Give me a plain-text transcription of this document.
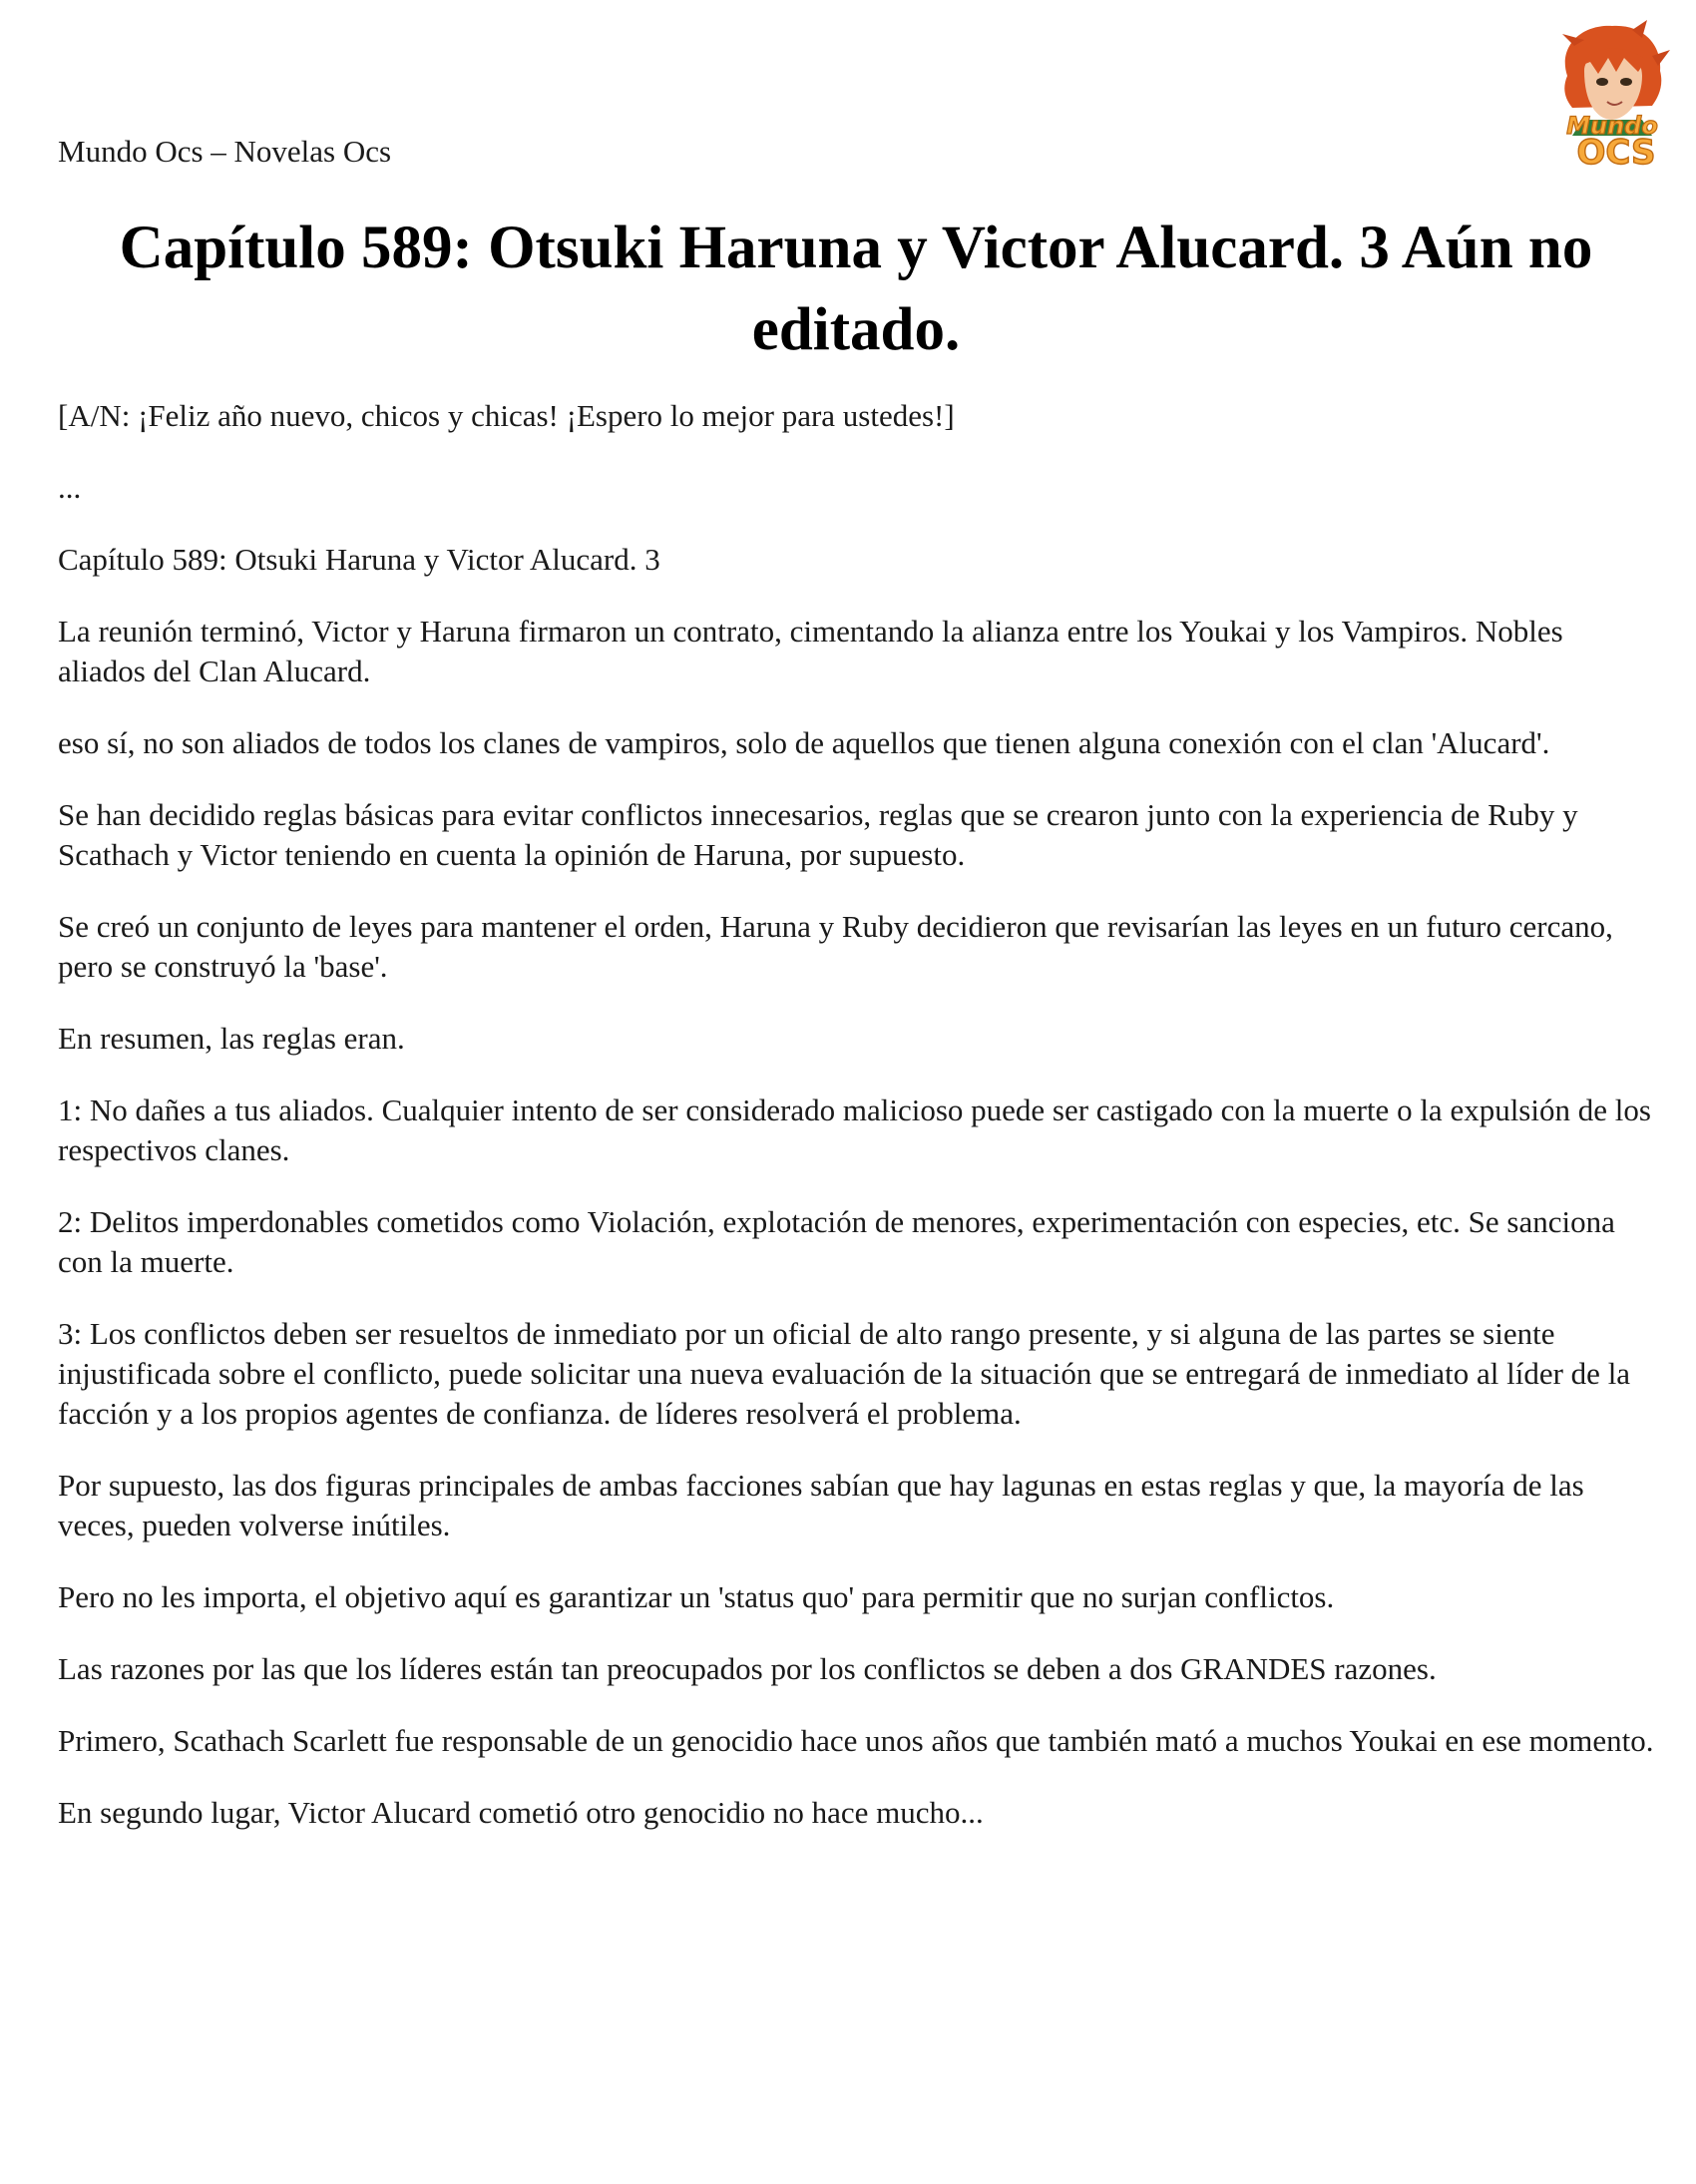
Mundo Ocs – Novelas Ocs
Mundo
OCS
Capítulo 589: Otsuki Haruna y Victor Alucard. 3 Aún no editado.

[A/N: ¡Feliz año nuevo, chicos y chicas! ¡Espero lo mejor para ustedes!]

...

Capítulo 589: Otsuki Haruna y Victor Alucard. 3

La reunión terminó, Victor y Haruna firmaron un contrato, cimentando la alianza entre los Youkai y los Vampiros. Nobles aliados del Clan Alucard.

eso sí, no son aliados de todos los clanes de vampiros, solo de aquellos que tienen alguna conexión con el clan 'Alucard'.

Se han decidido reglas básicas para evitar conflictos innecesarios, reglas que se crearon junto con la experiencia de Ruby y Scathach y Victor teniendo en cuenta la opinión de Haruna, por supuesto.

Se creó un conjunto de leyes para mantener el orden, Haruna y Ruby decidieron que revisarían las leyes en un futuro cercano, pero se construyó la 'base'.

En resumen, las reglas eran.

1: No dañes a tus aliados. Cualquier intento de ser considerado malicioso puede ser castigado con la muerte o la expulsión de los respectivos clanes.

2: Delitos imperdonables cometidos como Violación, explotación de menores, experimentación con especies, etc. Se sanciona con la muerte.

3: Los conflictos deben ser resueltos de inmediato por un oficial de alto rango presente, y si alguna de las partes se siente injustificada sobre el conflicto, puede solicitar una nueva evaluación de la situación que se entregará de inmediato al líder de la facción y a los propios agentes de confianza. de líderes resolverá el problema.

Por supuesto, las dos figuras principales de ambas facciones sabían que hay lagunas en estas reglas y que, la mayoría de las veces, pueden volverse inútiles.

Pero no les importa, el objetivo aquí es garantizar un 'status quo' para permitir que no surjan conflictos.

Las razones por las que los líderes están tan preocupados por los conflictos se deben a dos GRANDES razones.

Primero, Scathach Scarlett fue responsable de un genocidio hace unos años que también mató a muchos Youkai en ese momento.

En segundo lugar, Victor Alucard cometió otro genocidio no hace mucho...
